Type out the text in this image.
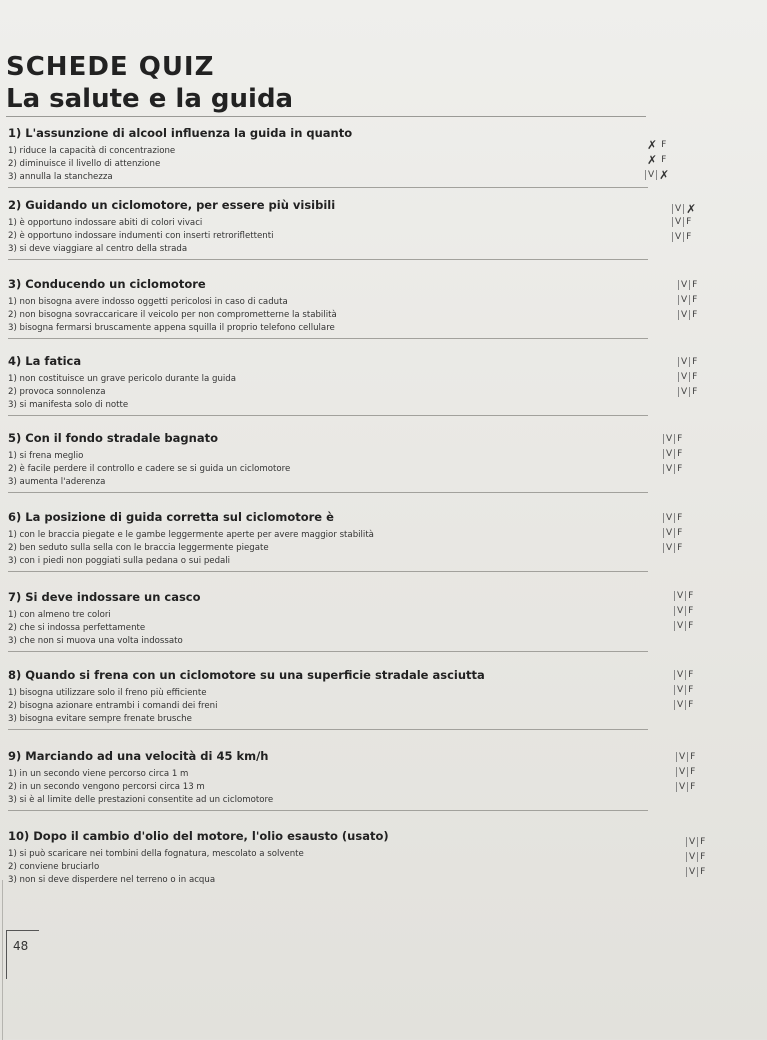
SCHEDE QUIZ
La salute e la guida
1) L'assunzione di alcool influenza la guida in quanto
1) riduce la capacità di concentrazione
2) diminuisce il livello di attenzione
3) annulla la stanchezza
2) Guidando un ciclomotore, per essere più visibili
1) è opportuno indossare abiti di colori vivaci
2) è opportuno indossare indumenti con inserti retroriflettenti
3) si deve viaggiare al centro della strada
3) Conducendo un ciclomotore
1) non bisogna avere indosso oggetti pericolosi in caso di caduta
2) non bisogna sovraccaricare il veicolo per non comprometterne la stabilità
3) bisogna fermarsi bruscamente appena squilla il proprio telefono cellulare
4) La fatica
1) non costituisce un grave pericolo durante la guida
2) provoca sonnolenza
3) si manifesta solo di notte
5) Con il fondo stradale bagnato
1) si frena meglio
2) è facile perdere il controllo e cadere se si guida un ciclomotore
3) aumenta l'aderenza
6) La posizione di guida corretta sul ciclomotore è
1) con le braccia piegate e le gambe leggermente aperte per avere maggior stabilità
2) ben seduto sulla sella con le braccia leggermente piegate
3) con i piedi non poggiati sulla pedana o sui pedali
7) Si deve indossare un casco
1) con almeno tre colori
2) che si indossa perfettamente
3) che non si muova una volta indossato
8) Quando si frena con un ciclomotore su una superficie stradale asciutta
1) bisogna utilizzare solo il freno più efficiente
2) bisogna azionare entrambi i comandi dei freni
3) bisogna evitare sempre frenate brusche
9) Marciando ad una velocità di 45 km/h
1) in un secondo viene percorso circa 1 m
2) in un secondo vengono percorsi circa 13 m
3) si è al limite delle prestazioni consentite ad un ciclomotore
10) Dopo il cambio d'olio del motore, l'olio esausto (usato)
1) si può scaricare nei tombini della fognatura, mescolato a solvente
2) conviene bruciarlo
3) non si deve disperdere nel terreno o in acqua
✗ F
✗ F
V ✗
V ✗
V F
V F
V F
V F
V F
V F
V F
V F
V F
V F
V F
V F
V F
V F
V F
V F
V F
V F
V F
V F
V F
V F
V F
V F
V F
V F
48
